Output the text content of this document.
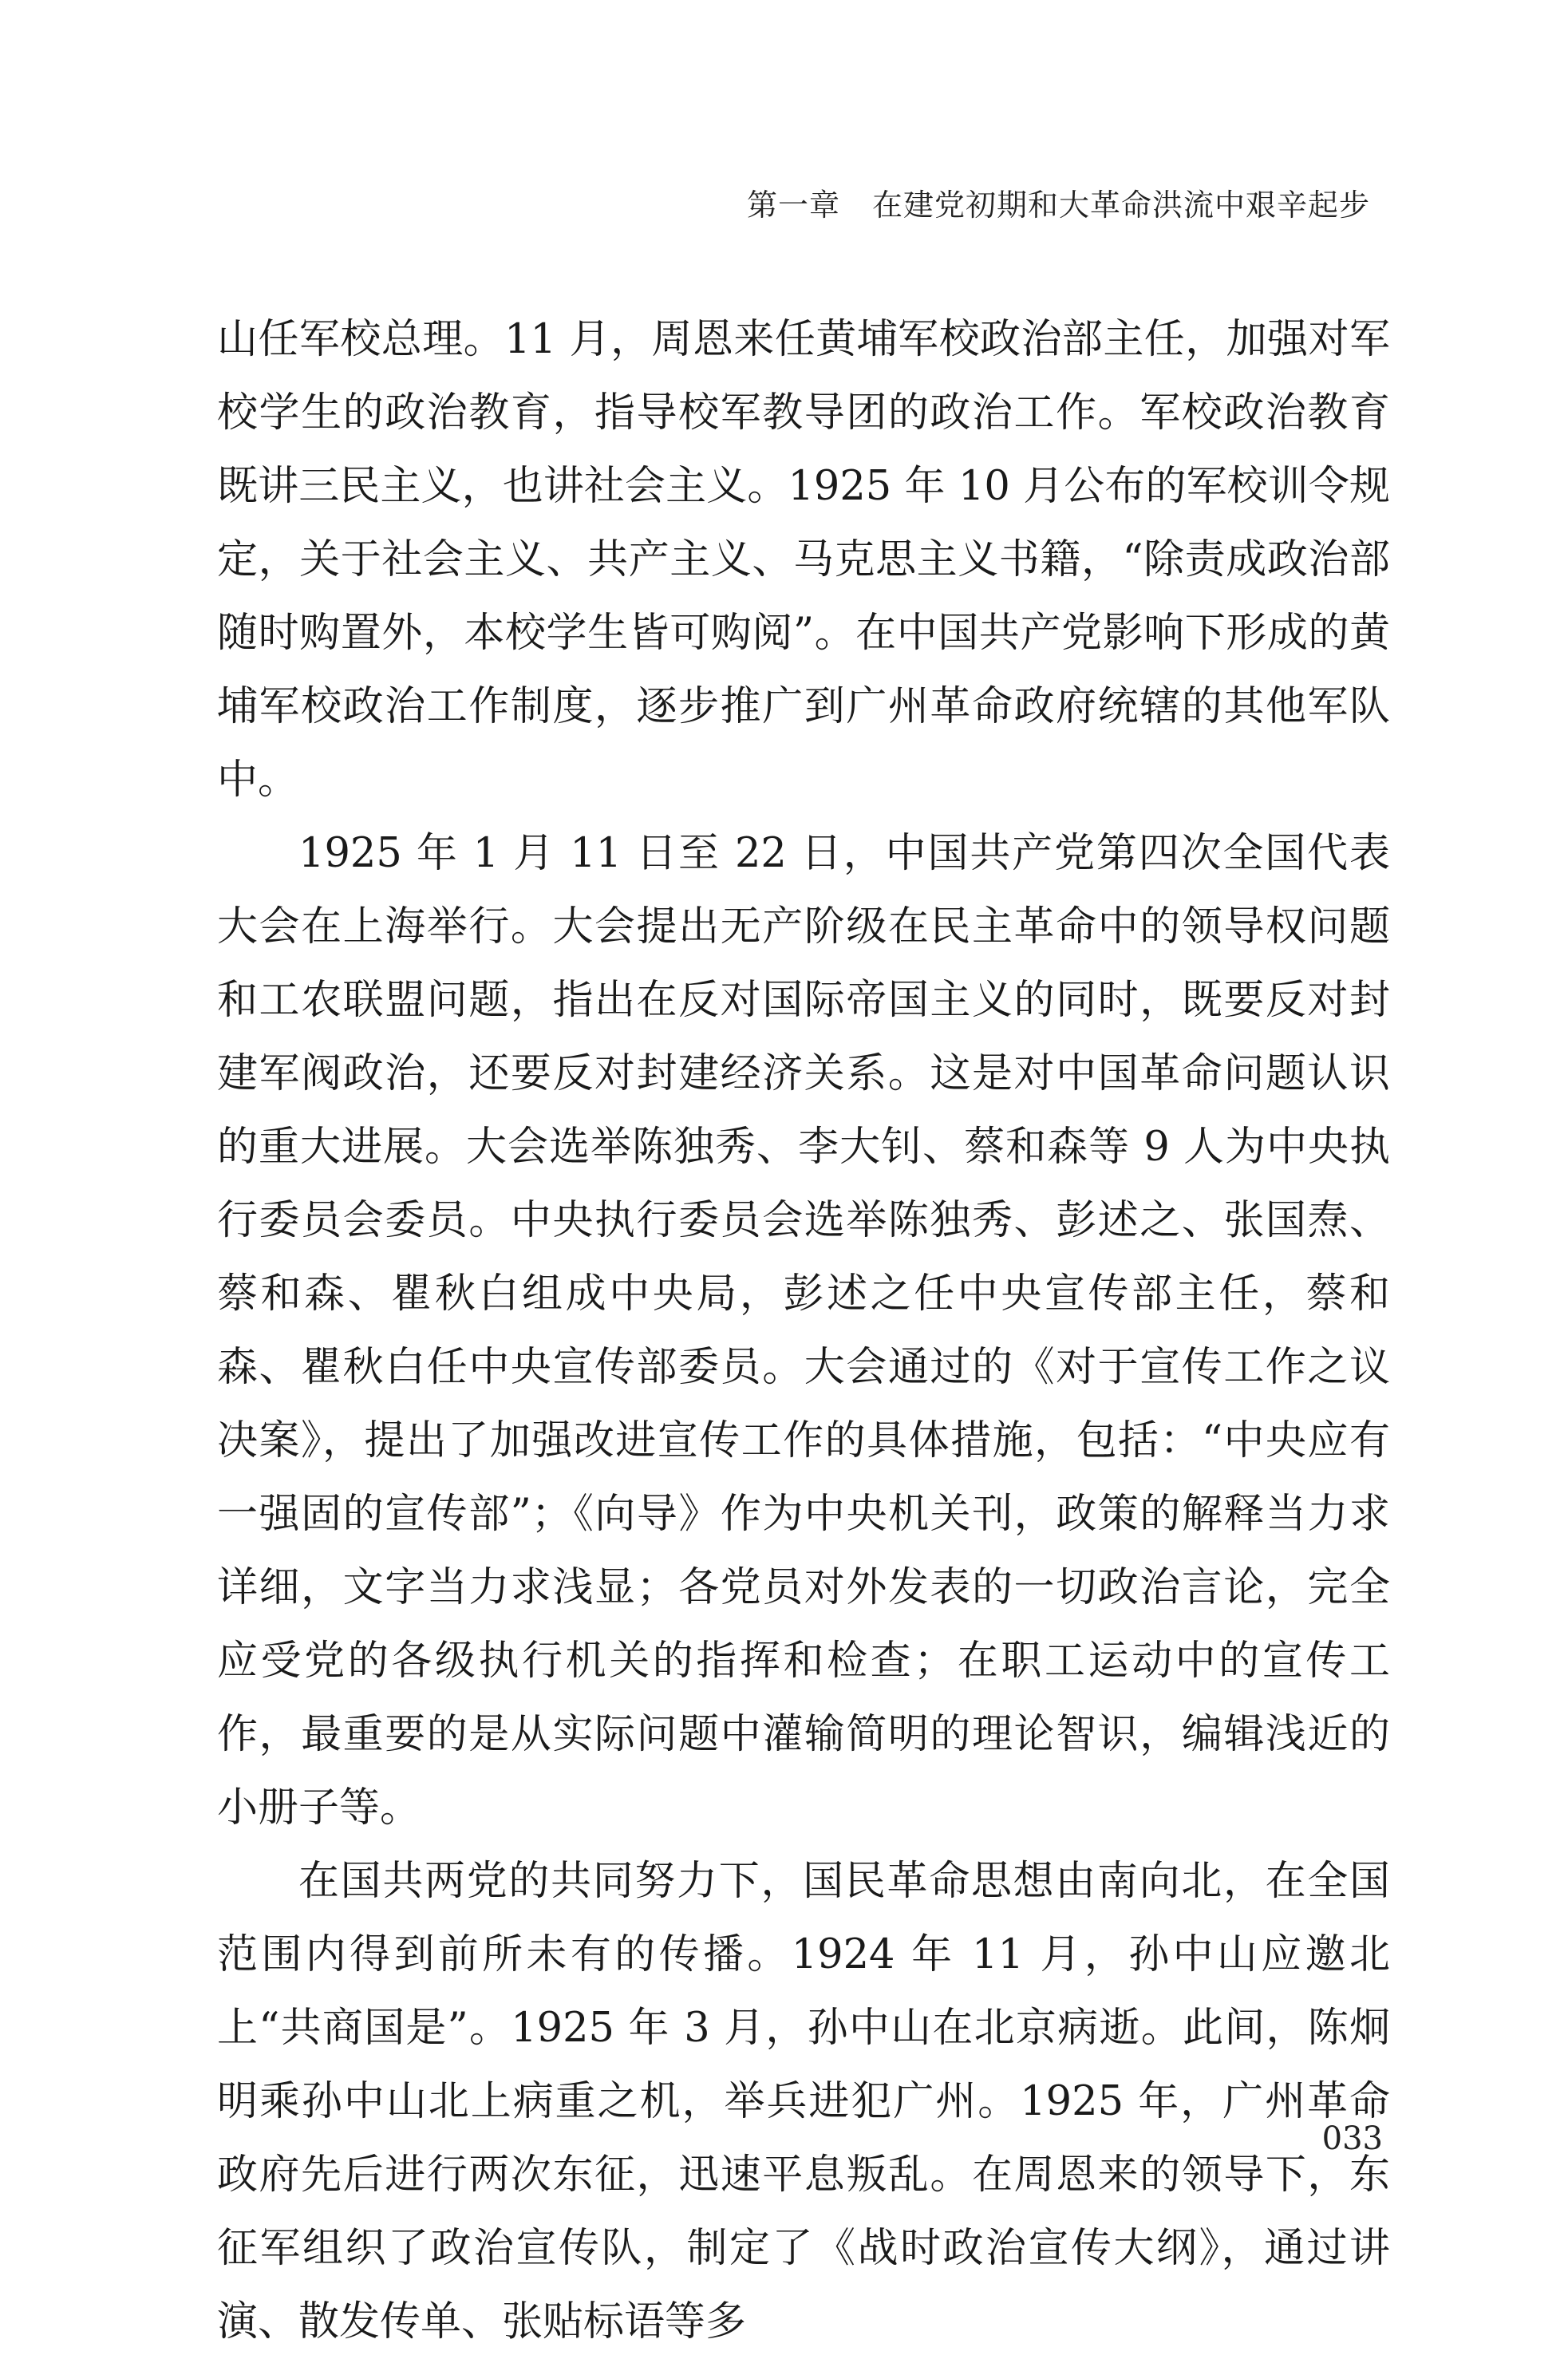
第一章 在建党初期和大革命洪流中艰辛起步

山任军校总理。11 月，周恩来任黄埔军校政治部主任，加强对军校学生的政治教育，指导校军教导团的政治工作。军校政治教育既讲三民主义，也讲社会主义。1925 年 10 月公布的军校训令规定，关于社会主义、共产主义、马克思主义书籍，“除责成政治部随时购置外，本校学生皆可购阅”。在中国共产党影响下形成的黄埔军校政治工作制度，逐步推广到广州革命政府统辖的其他军队中。

1925 年 1 月 11 日至 22 日，中国共产党第四次全国代表大会在上海举行。大会提出无产阶级在民主革命中的领导权问题和工农联盟问题，指出在反对国际帝国主义的同时，既要反对封建军阀政治，还要反对封建经济关系。这是对中国革命问题认识的重大进展。大会选举陈独秀、李大钊、蔡和森等 9 人为中央执行委员会委员。中央执行委员会选举陈独秀、彭述之、张国焘、蔡和森、瞿秋白组成中央局，彭述之任中央宣传部主任，蔡和森、瞿秋白任中央宣传部委员。大会通过的《对于宣传工作之议决案》，提出了加强改进宣传工作的具体措施，包括：“中央应有一强固的宣传部”；《向导》作为中央机关刊，政策的解释当力求详细，文字当力求浅显；各党员对外发表的一切政治言论，完全应受党的各级执行机关的指挥和检查；在职工运动中的宣传工作，最重要的是从实际问题中灌输简明的理论智识，编辑浅近的小册子等。

在国共两党的共同努力下，国民革命思想由南向北，在全国范围内得到前所未有的传播。1924 年 11 月，孙中山应邀北上“共商国是”。1925 年 3 月，孙中山在北京病逝。此间，陈炯明乘孙中山北上病重之机，举兵进犯广州。1925 年，广州革命政府先后进行两次东征，迅速平息叛乱。在周恩来的领导下，东征军组织了政治宣传队，制定了《战时政治宣传大纲》，通过讲演、散发传单、张贴标语等多

033
